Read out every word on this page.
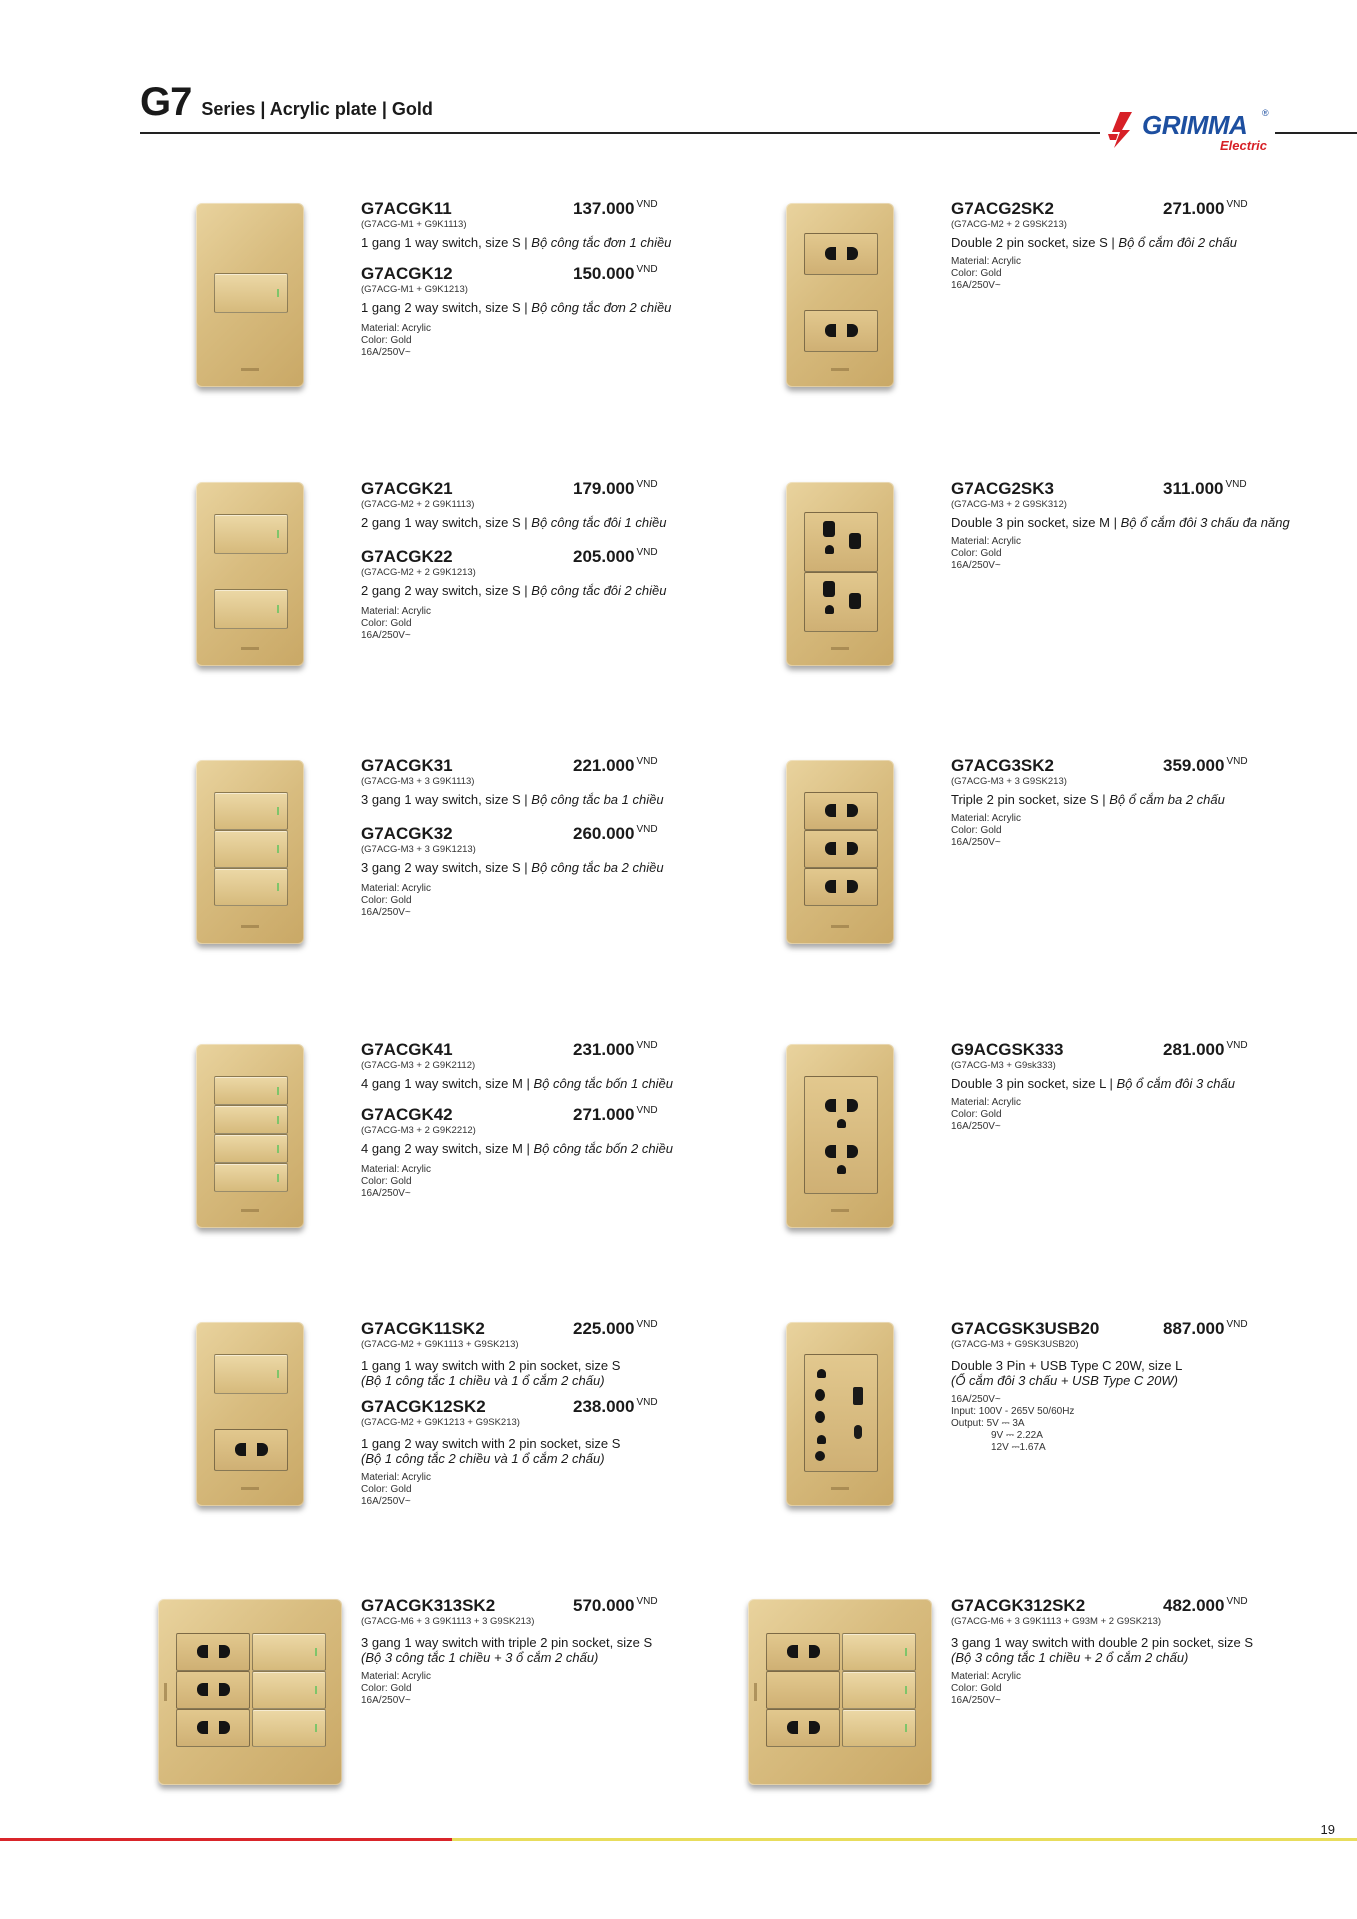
G7 Series | Acrylic plate | Gold
GRIMMA ®
Electric
G7ACGK11	137.000 $^{VND}$
(G7ACG-M1 + G9K1113)
1 gang 1 way switch, size S | Bộ công tắc đơn 1 chiều
G7ACGK12	150.000 $^{VND}$
(G7ACG-M1 + G9K1213)
1 gang 2 way switch, size S | Bộ công tắc đơn 2 chiều
Material: Acrylic
Color: Gold
16A/250V~
G7ACG2SK2	271.000 $^{VND}$
(G7ACG-M2 + 2 G9SK213)
Double 2 pin socket, size S | Bộ ổ cắm đôi 2 chấu
Material: Acrylic
Color: Gold
16A/250V~
G7ACGK21	179.000 $^{VND}$
(G7ACG-M2 + 2 G9K1113)
2 gang 1 way switch, size S | Bộ công tắc đôi 1 chiều
G7ACGK22	205.000 $^{VND}$
(G7ACG-M2 + 2 G9K1213)
2 gang 2 way switch, size S | Bộ công tắc đôi 2 chiều
Material: Acrylic
Color: Gold
16A/250V~
G7ACG2SK3	311.000 $^{VND}$
(G7ACG-M3 + 2 G9SK312)
Double 3 pin socket, size M | Bộ ổ cắm đôi 3 chấu đa năng
Material: Acrylic
Color: Gold
16A/250V~
G7ACGK31	221.000 $^{VND}$
(G7ACG-M3 + 3 G9K1113)
3 gang 1 way switch, size S | Bộ công tắc ba 1 chiều
G7ACGK32	260.000 $^{VND}$
(G7ACG-M3 + 3 G9K1213)
3 gang 2 way switch, size S | Bộ công tắc ba 2 chiều
Material: Acrylic
Color: Gold
16A/250V~
G7ACG3SK2	359.000 $^{VND}$
(G7ACG-M3 + 3 G9SK213)
Triple 2 pin socket, size S | Bộ ổ cắm ba 2 chấu
Material: Acrylic
Color: Gold
16A/250V~
G7ACGK41	231.000 $^{VND}$
(G7ACG-M3 + 2 G9K2112)
4 gang 1 way switch, size M | Bộ công tắc bốn 1 chiều
G7ACGK42	271.000 $^{VND}$
(G7ACG-M3 + 2 G9K2212)
4 gang 2 way switch, size M | Bộ công tắc bốn 2 chiều
Material: Acrylic
Color: Gold
16A/250V~
G9ACGSK333	281.000 $^{VND}$
(G7ACG-M3 + G9sk333)
Double 3 pin socket, size L | Bộ ổ cắm đôi 3 chấu
Material: Acrylic
Color: Gold
16A/250V~
G7ACGK11SK2	225.000 $^{VND}$
(G7ACG-M2 + G9K1113 + G9SK213)
1 gang 1 way switch with 2 pin socket, size S
(Bộ 1 công tắc 1 chiều và 1 ổ cắm 2 chấu)
G7ACGK12SK2	238.000 $^{VND}$
(G7ACG-M2 + G9K1213 + G9SK213)
1 gang 2 way switch with 2 pin socket, size S
(Bộ 1 công tắc 2 chiều và 1 ổ cắm 2 chấu)
Material: Acrylic
Color: Gold
16A/250V~
G7ACGSK3USB20	887.000 $^{VND}$
(G7ACG-M3 + G9SK3USB20)
Double 3 Pin + USB Type C 20W, size L
(Ổ cắm đôi 3 chấu + USB Type C 20W)
16A/250V~
Input: 100V - 265V 50/60Hz
Output: 5V ⎓ 3A
9V ⎓ 2.22A
12V ⎓1.67A
G7ACGK313SK2	570.000 $^{VND}$
(G7ACG-M6 + 3 G9K1113 + 3 G9SK213)
3 gang 1 way switch with triple 2 pin socket, size S
(Bộ 3 công tắc 1 chiều + 3 ổ cắm 2 chấu)
Material: Acrylic
Color: Gold
16A/250V~
G7ACGK312SK2	482.000 $^{VND}$
(G7ACG-M6 + 3 G9K1113 + G93M + 2 G9SK213)
3 gang 1 way switch with double 2 pin socket, size S
(Bộ 3 công tắc 1 chiều + 2 ổ cắm 2 chấu)
Material: Acrylic
Color: Gold
16A/250V~
19
